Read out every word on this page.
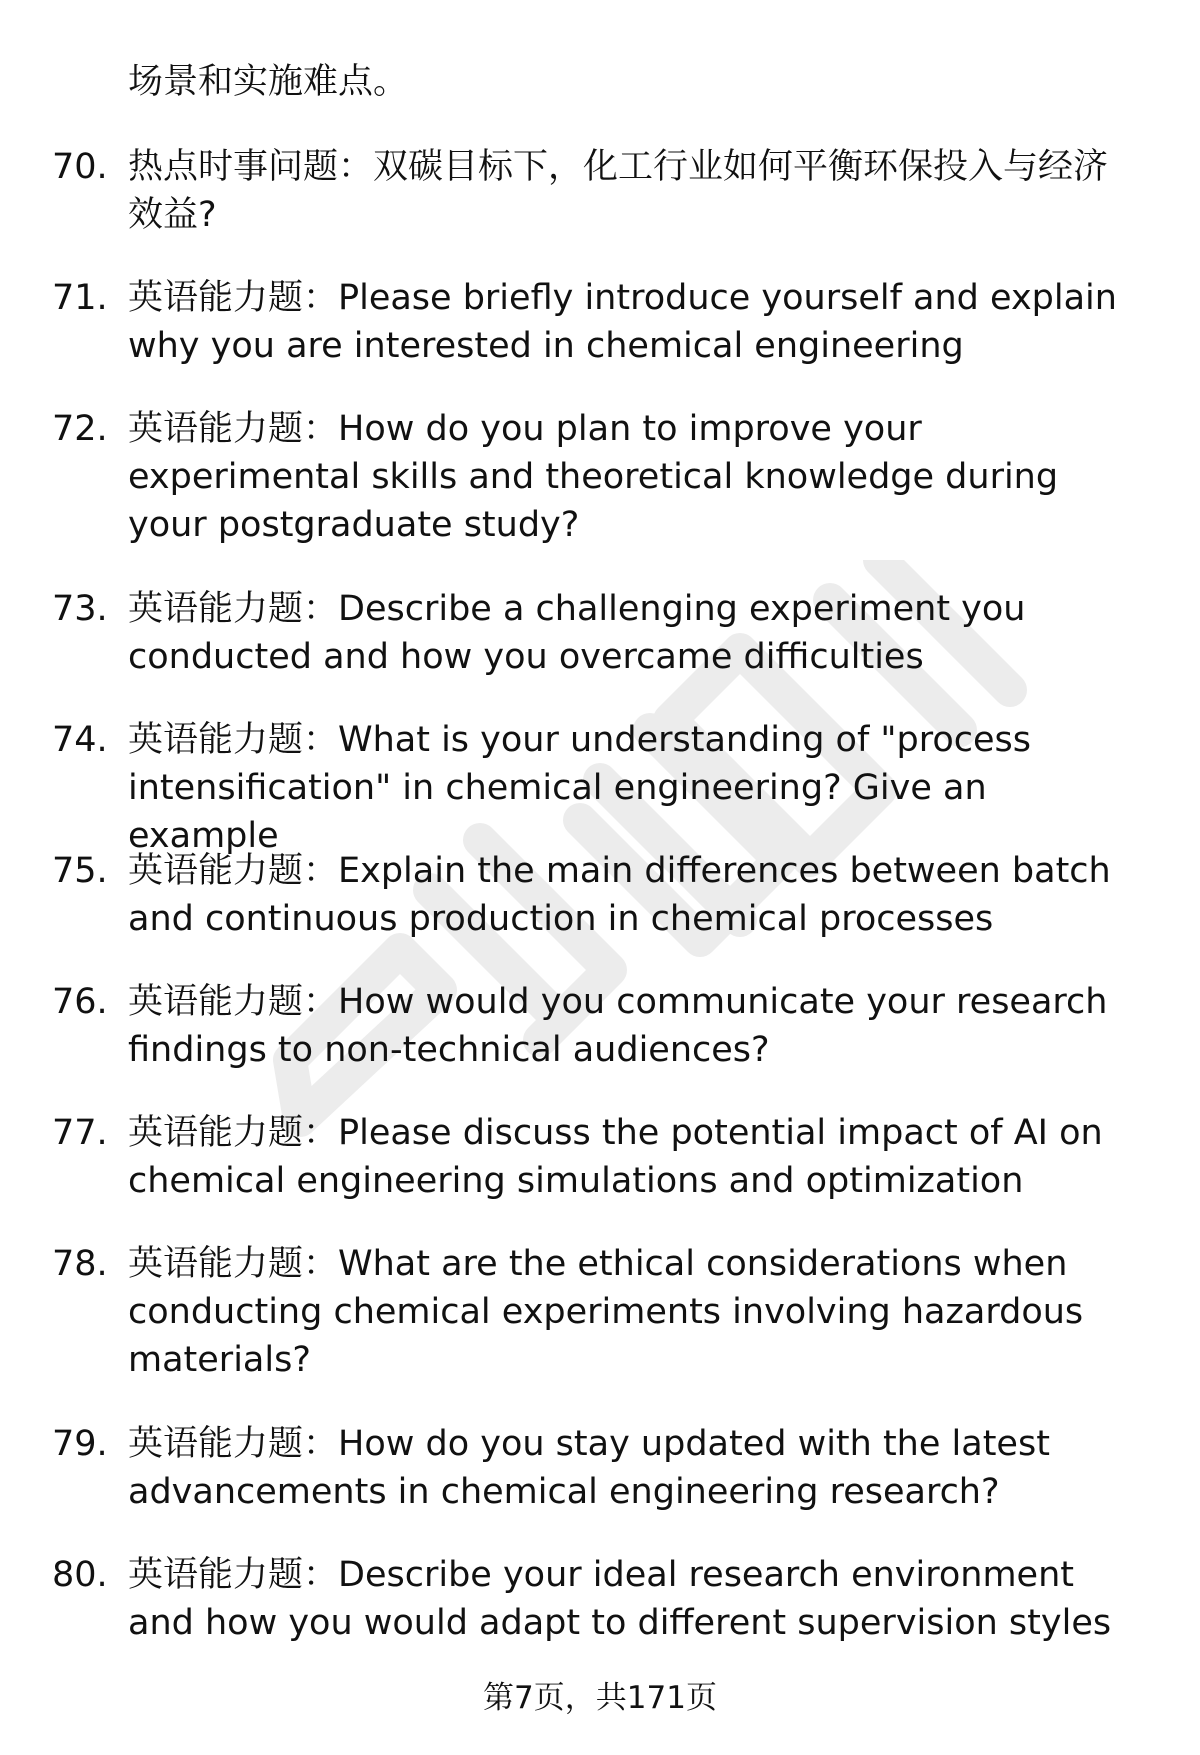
场景和实施难点。
70. 热点时事问题：双碳目标下，化工行业如何平衡环保投入与经济效益?
71. 英语能力题：Please briefly introduce yourself and explain why you are interested in chemical engineering
72. 英语能力题：How do you plan to improve your experimental skills and theoretical knowledge during your postgraduate study?
73. 英语能力题：Describe a challenging experiment you conducted and how you overcame difficulties
74. 英语能力题：What is your understanding of "process intensification" in chemical engineering? Give an example
75. 英语能力题：Explain the main differences between batch and continuous production in chemical processes
76. 英语能力题：How would you communicate your research findings to non-technical audiences?
77. 英语能力题：Please discuss the potential impact of AI on chemical engineering simulations and optimization
78. 英语能力题：What are the ethical considerations when conducting chemical experiments involving hazardous materials?
79. 英语能力题：How do you stay updated with the latest advancements in chemical engineering research?
80. 英语能力题：Describe your ideal research environment and how you would adapt to different supervision styles
第7页，共171页
